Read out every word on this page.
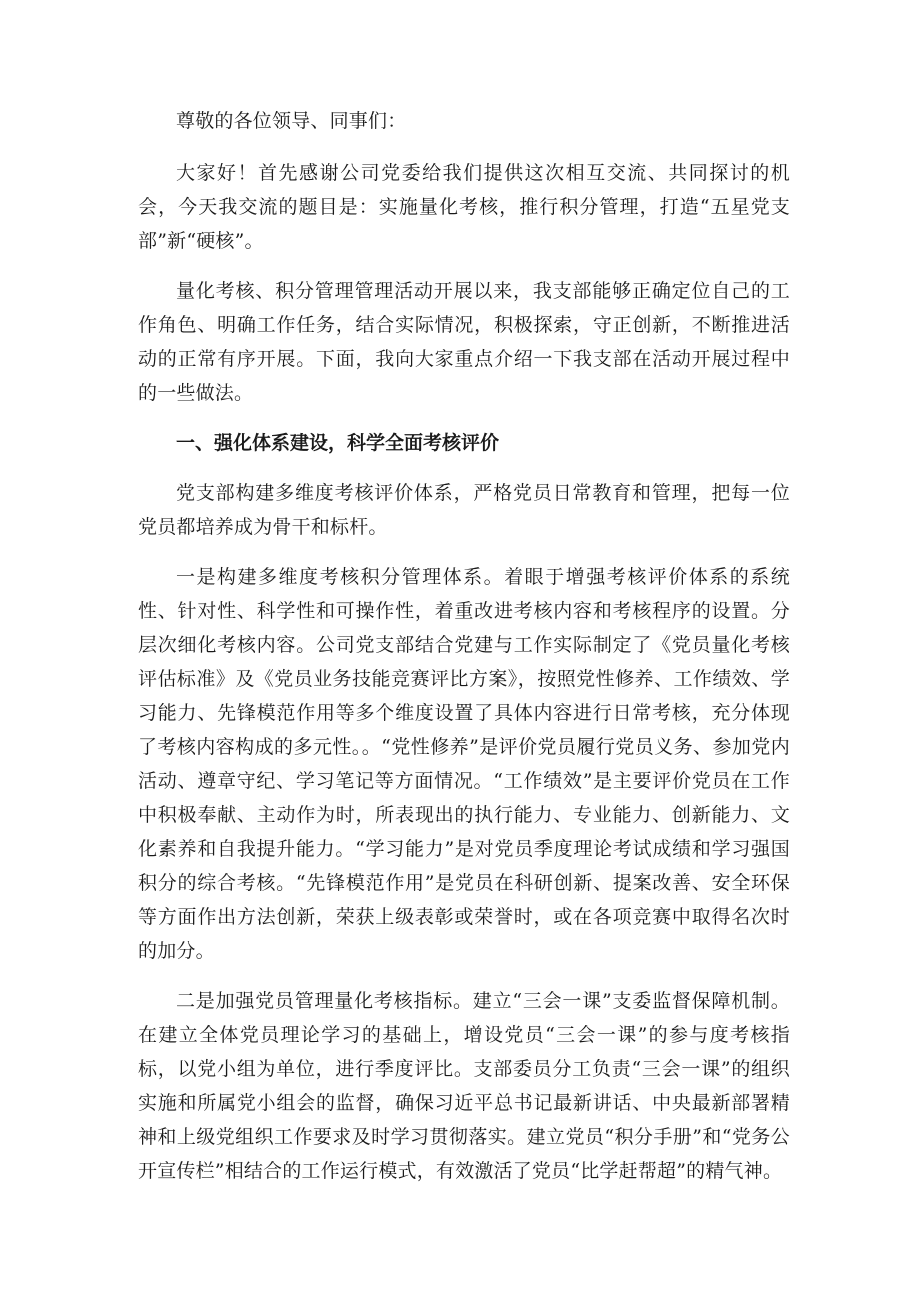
尊敬的各位领导、同事们：

大家好！首先感谢公司党委给我们提供这次相互交流、共同探讨的机会，今天我交流的题目是：实施量化考核，推行积分管理，打造“五星党支部”新“硬核”。

量化考核、积分管理管理活动开展以来，我支部能够正确定位自己的工作角色、明确工作任务，结合实际情况，积极探索，守正创新，不断推进活动的正常有序开展。下面，我向大家重点介绍一下我支部在活动开展过程中的一些做法。

一、强化体系建设，科学全面考核评价

党支部构建多维度考核评价体系，严格党员日常教育和管理，把每一位党员都培养成为骨干和标杆。

一是构建多维度考核积分管理体系。着眼于增强考核评价体系的系统性、针对性、科学性和可操作性，着重改进考核内容和考核程序的设置。分层次细化考核内容。公司党支部结合党建与工作实际制定了《党员量化考核评估标准》及《党员业务技能竞赛评比方案》，按照党性修养、工作绩效、学习能力、先锋模范作用等多个维度设置了具体内容进行日常考核，充分体现了考核内容构成的多元性。。“党性修养”是评价党员履行党员义务、参加党内活动、遵章守纪、学习笔记等方面情况。“工作绩效”是主要评价党员在工作中积极奉献、主动作为时，所表现出的执行能力、专业能力、创新能力、文化素养和自我提升能力。“学习能力”是对党员季度理论考试成绩和学习强国积分的综合考核。“先锋模范作用”是党员在科研创新、提案改善、安全环保等方面作出方法创新，荣获上级表彰或荣誉时，或在各项竞赛中取得名次时的加分。

二是加强党员管理量化考核指标。建立“三会一课”支委监督保障机制。在建立全体党员理论学习的基础上，增设党员“三会一课”的参与度考核指标，以党小组为单位，进行季度评比。支部委员分工负责“三会一课”的组织实施和所属党小组会的监督，确保习近平总书记最新讲话、中央最新部署精神和上级党组织工作要求及时学习贯彻落实。建立党员“积分手册”和“党务公开宣传栏”相结合的工作运行模式，有效激活了党员“比学赶帮超”的精气神。
